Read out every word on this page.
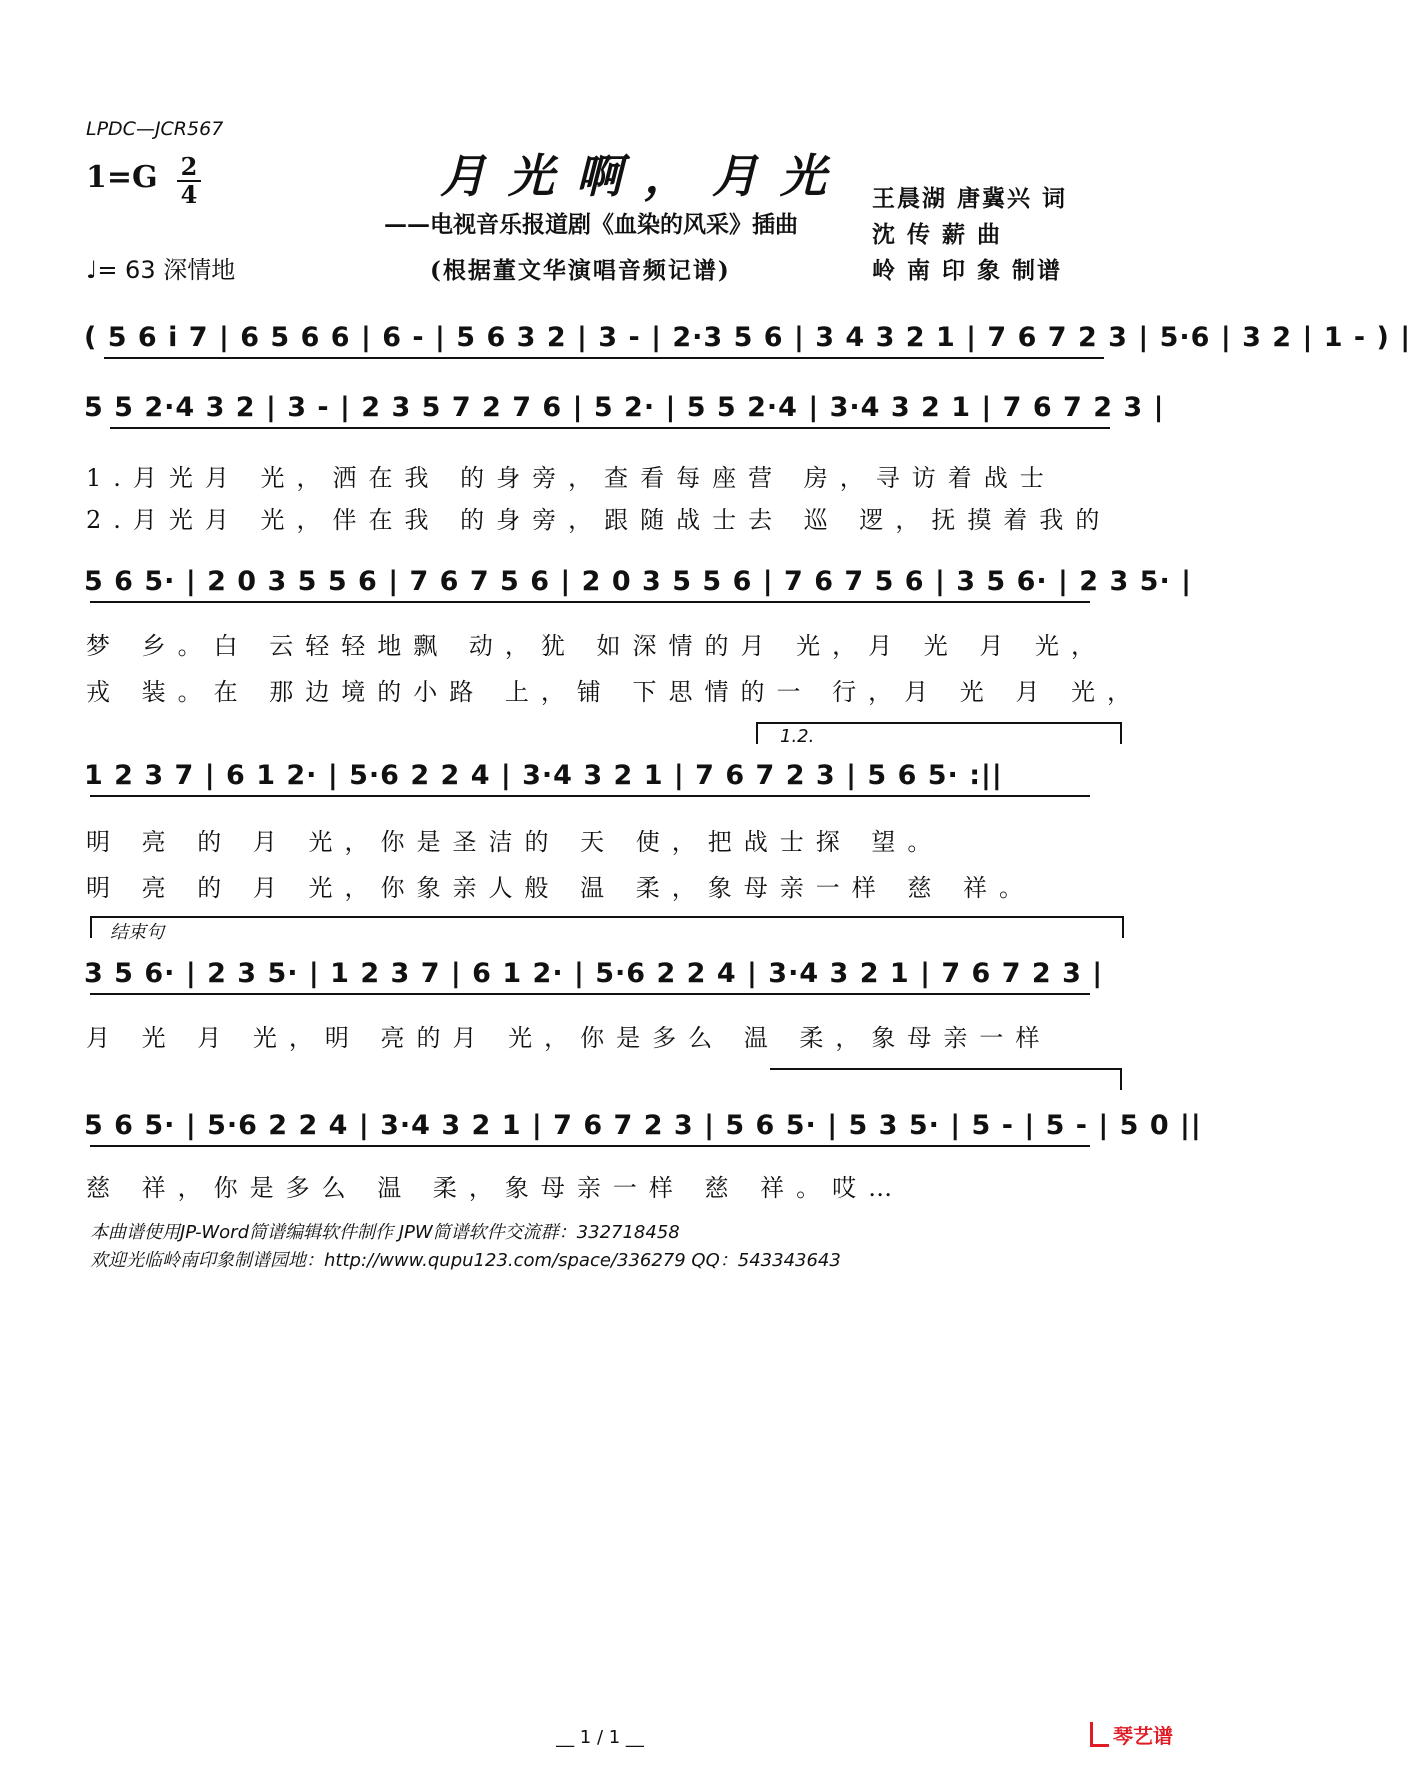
LPDC—JCR567
1=G 2
4
♩= 63 深情地
月光啊，月光
——电视音乐报道剧《血染的风采》插曲
(根据董文华演唱音频记谱)
王晨湖 唐冀兴 词
沈 传 薪 曲
岭 南 印 象 制谱
( 5 6 i 7 | 6 5 6 6 | 6 - | 5 6 3 2 | 3 - | 2·3 5 6 | 3 4 3 2 1 | 7 6 7 2 3 | 5·6 | 3 2 | 1 - ) |
5 5 2·4 3 2 | 3 - | 2 3 5 7 2 7 6 | 5 2· | 5 5 2·4 | 3·4 3 2 1 | 7 6 7 2 3 |
1.月光月 光，洒在我 的身旁，查看每座营 房，寻访着战士
2.月光月 光，伴在我 的身旁，跟随战士去 巡 逻，抚摸着我的
5 6 5· | 2 0 3 5 5 6 | 7 6 7 5 6 | 2 0 3 5 5 6 | 7 6 7 5 6 | 3 5 6· | 2 3 5· |
梦 乡。白 云轻轻地飘 动，犹 如深情的月 光，月 光 月 光，
戎 装。在 那边境的小路 上，铺 下思情的一 行，月 光 月 光，
1.2.
1 2 3 7 | 6 1 2· | 5·6 2 2 4 | 3·4 3 2 1 | 7 6 7 2 3 | 5 6 5· :||
明 亮 的 月 光，你是圣洁的 天 使，把战士探 望。
明 亮 的 月 光，你象亲人般 温 柔，象母亲一样 慈 祥。
结束句
3 5 6· | 2 3 5· | 1 2 3 7 | 6 1 2· | 5·6 2 2 4 | 3·4 3 2 1 | 7 6 7 2 3 |
月 光 月 光，明 亮的月 光，你是多么 温 柔，象母亲一样
5 6 5· | 5·6 2 2 4 | 3·4 3 2 1 | 7 6 7 2 3 | 5 6 5· | 5 3 5· | 5 - | 5 - | 5 0 ||
慈 祥，你是多么 温 柔，象母亲一样 慈 祥。哎…
本曲谱使用JP-Word简谱编辑软件制作 JPW简谱软件交流群：332718458
欢迎光临岭南印象制谱园地：http://www.qupu123.com/space/336279 QQ：543343643
__ 1 / 1 __	琴艺谱
